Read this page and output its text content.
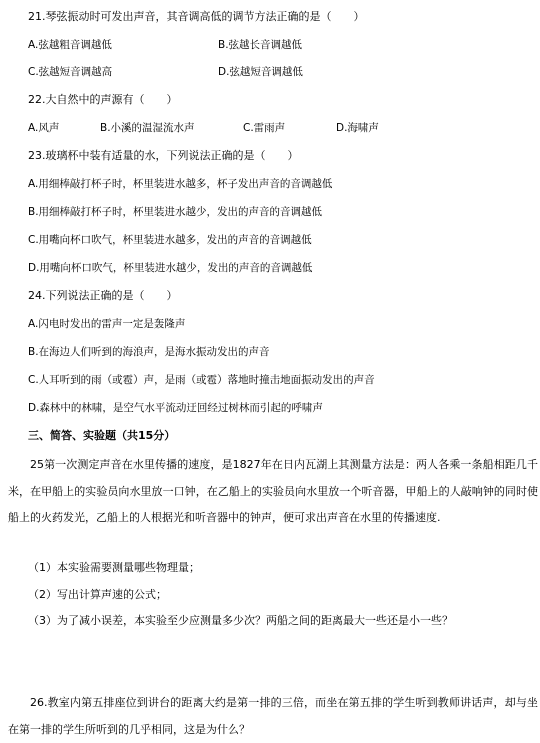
21.琴弦振动时可发出声音，其音调高低的调节方法正确的是（　　）
A.弦越粗音调越低	B.弦越长音调越低
C.弦越短音调越高	D.弦越短音调越低
22.大自然中的声源有（　　）
A.风声	B.小溪的温湿流水声	C.雷雨声	D.海啸声
23.玻璃杯中装有适量的水，下列说法正确的是（　　）
A.用细棒敲打杯子时，杯里装进水越多，杯子发出声音的音调越低
B.用细棒敲打杯子时，杯里装进水越少，发出的声音的音调越低
C.用嘴向杯口吹气，杯里装进水越多，发出的声音的音调越低
D.用嘴向杯口吹气，杯里装进水越少，发出的声音的音调越低
24.下列说法正确的是（　　）
A.闪电时发出的雷声一定是轰隆声
B.在海边人们听到的海浪声，是海水振动发出的声音
C.人耳听到的雨（或雹）声，是雨（或雹）落地时撞击地面振动发出的声音
D.森林中的林啸，是空气水平流动迂回经过树林而引起的呼啸声
三、简答、实验题（共15分）
25第一次测定声音在水里传播的速度，是1827年在日内瓦湖上其测量方法是：两人各乘一条船相距几千米，在甲船上的实验员向水里放一口钟，在乙船上的实验员向水里放一个听音器，甲船上的人敲响钟的同时使船上的火药发光，乙船上的人根据光和听音器中的钟声，便可求出声音在水里的传播速度.
（1）本实验需要测量哪些物理量；
（2）写出计算声速的公式；
（3）为了减小误差，本实验至少应测量多少次？两船之间的距离最大一些还是小一些？
26.教室内第五排座位到讲台的距离大约是第一排的三倍，而坐在第五排的学生听到教师讲话声，却与坐在第一排的学生所听到的几乎相同，这是为什么？
